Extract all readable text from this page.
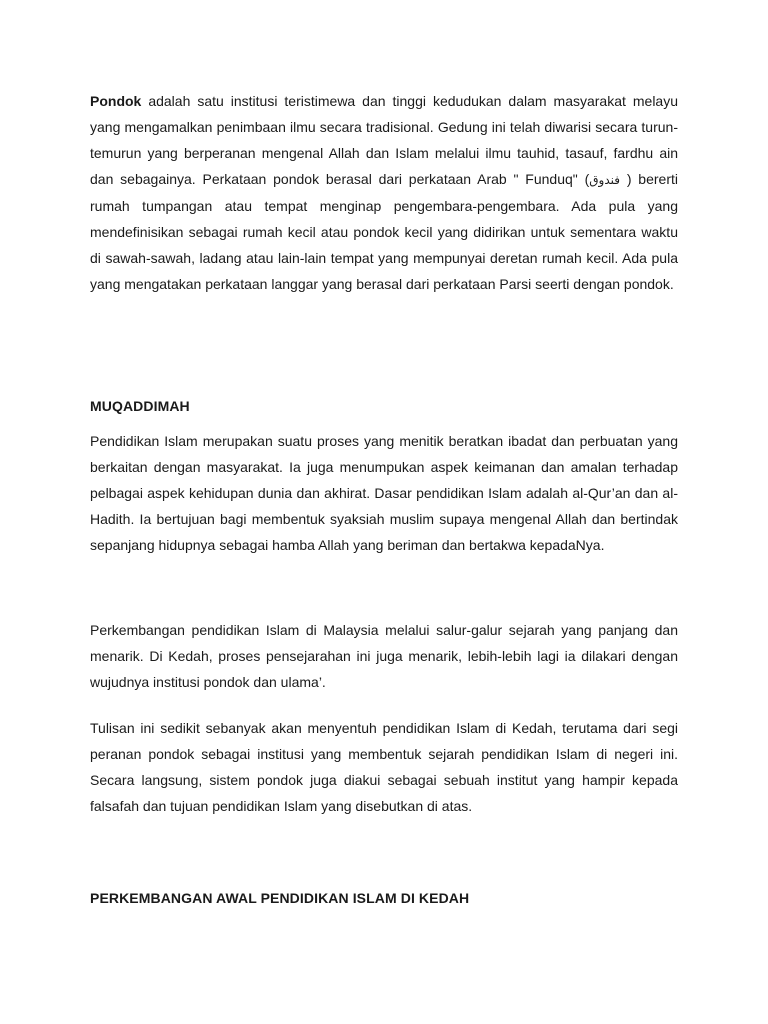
Pondok adalah satu institusi teristimewa dan tinggi kedudukan dalam masyarakat melayu yang mengamalkan penimbaan ilmu secara tradisional. Gedung ini telah diwarisi secara turun-temurun yang berperanan mengenal Allah dan Islam melalui ilmu tauhid, tasauf, fardhu ain dan sebagainya. Perkataan pondok berasal dari perkataan Arab " Funduq" (فندوق ) bererti rumah tumpangan atau tempat menginap pengembara-pengembara. Ada pula yang mendefinisikan sebagai rumah kecil atau pondok kecil yang didirikan untuk sementara waktu di sawah-sawah, ladang atau lain-lain tempat yang mempunyai deretan rumah kecil. Ada pula yang mengatakan perkataan langgar yang berasal dari perkataan Parsi seerti dengan pondok.

MUQADDIMAH

Pendidikan Islam merupakan suatu proses yang menitik beratkan ibadat dan perbuatan yang berkaitan dengan masyarakat. Ia juga menumpukan aspek keimanan dan amalan terhadap pelbagai aspek kehidupan dunia dan akhirat. Dasar pendidikan Islam adalah al-Qur’an dan al-Hadith. Ia bertujuan bagi membentuk syaksiah muslim supaya mengenal Allah dan bertindak sepanjang hidupnya sebagai hamba Allah yang beriman dan bertakwa kepadaNya.

Perkembangan pendidikan Islam di Malaysia melalui salur-galur sejarah yang panjang dan menarik. Di Kedah, proses pensejarahan ini juga menarik, lebih-lebih lagi ia dilakari dengan wujudnya institusi pondok dan ulama’.

Tulisan ini sedikit sebanyak akan menyentuh pendidikan Islam di Kedah, terutama dari segi peranan pondok sebagai institusi yang membentuk sejarah pendidikan Islam di negeri ini. Secara langsung, sistem pondok juga diakui sebagai sebuah institut yang hampir kepada falsafah dan tujuan pendidikan Islam yang disebutkan di atas.

PERKEMBANGAN AWAL PENDIDIKAN ISLAM DI KEDAH
